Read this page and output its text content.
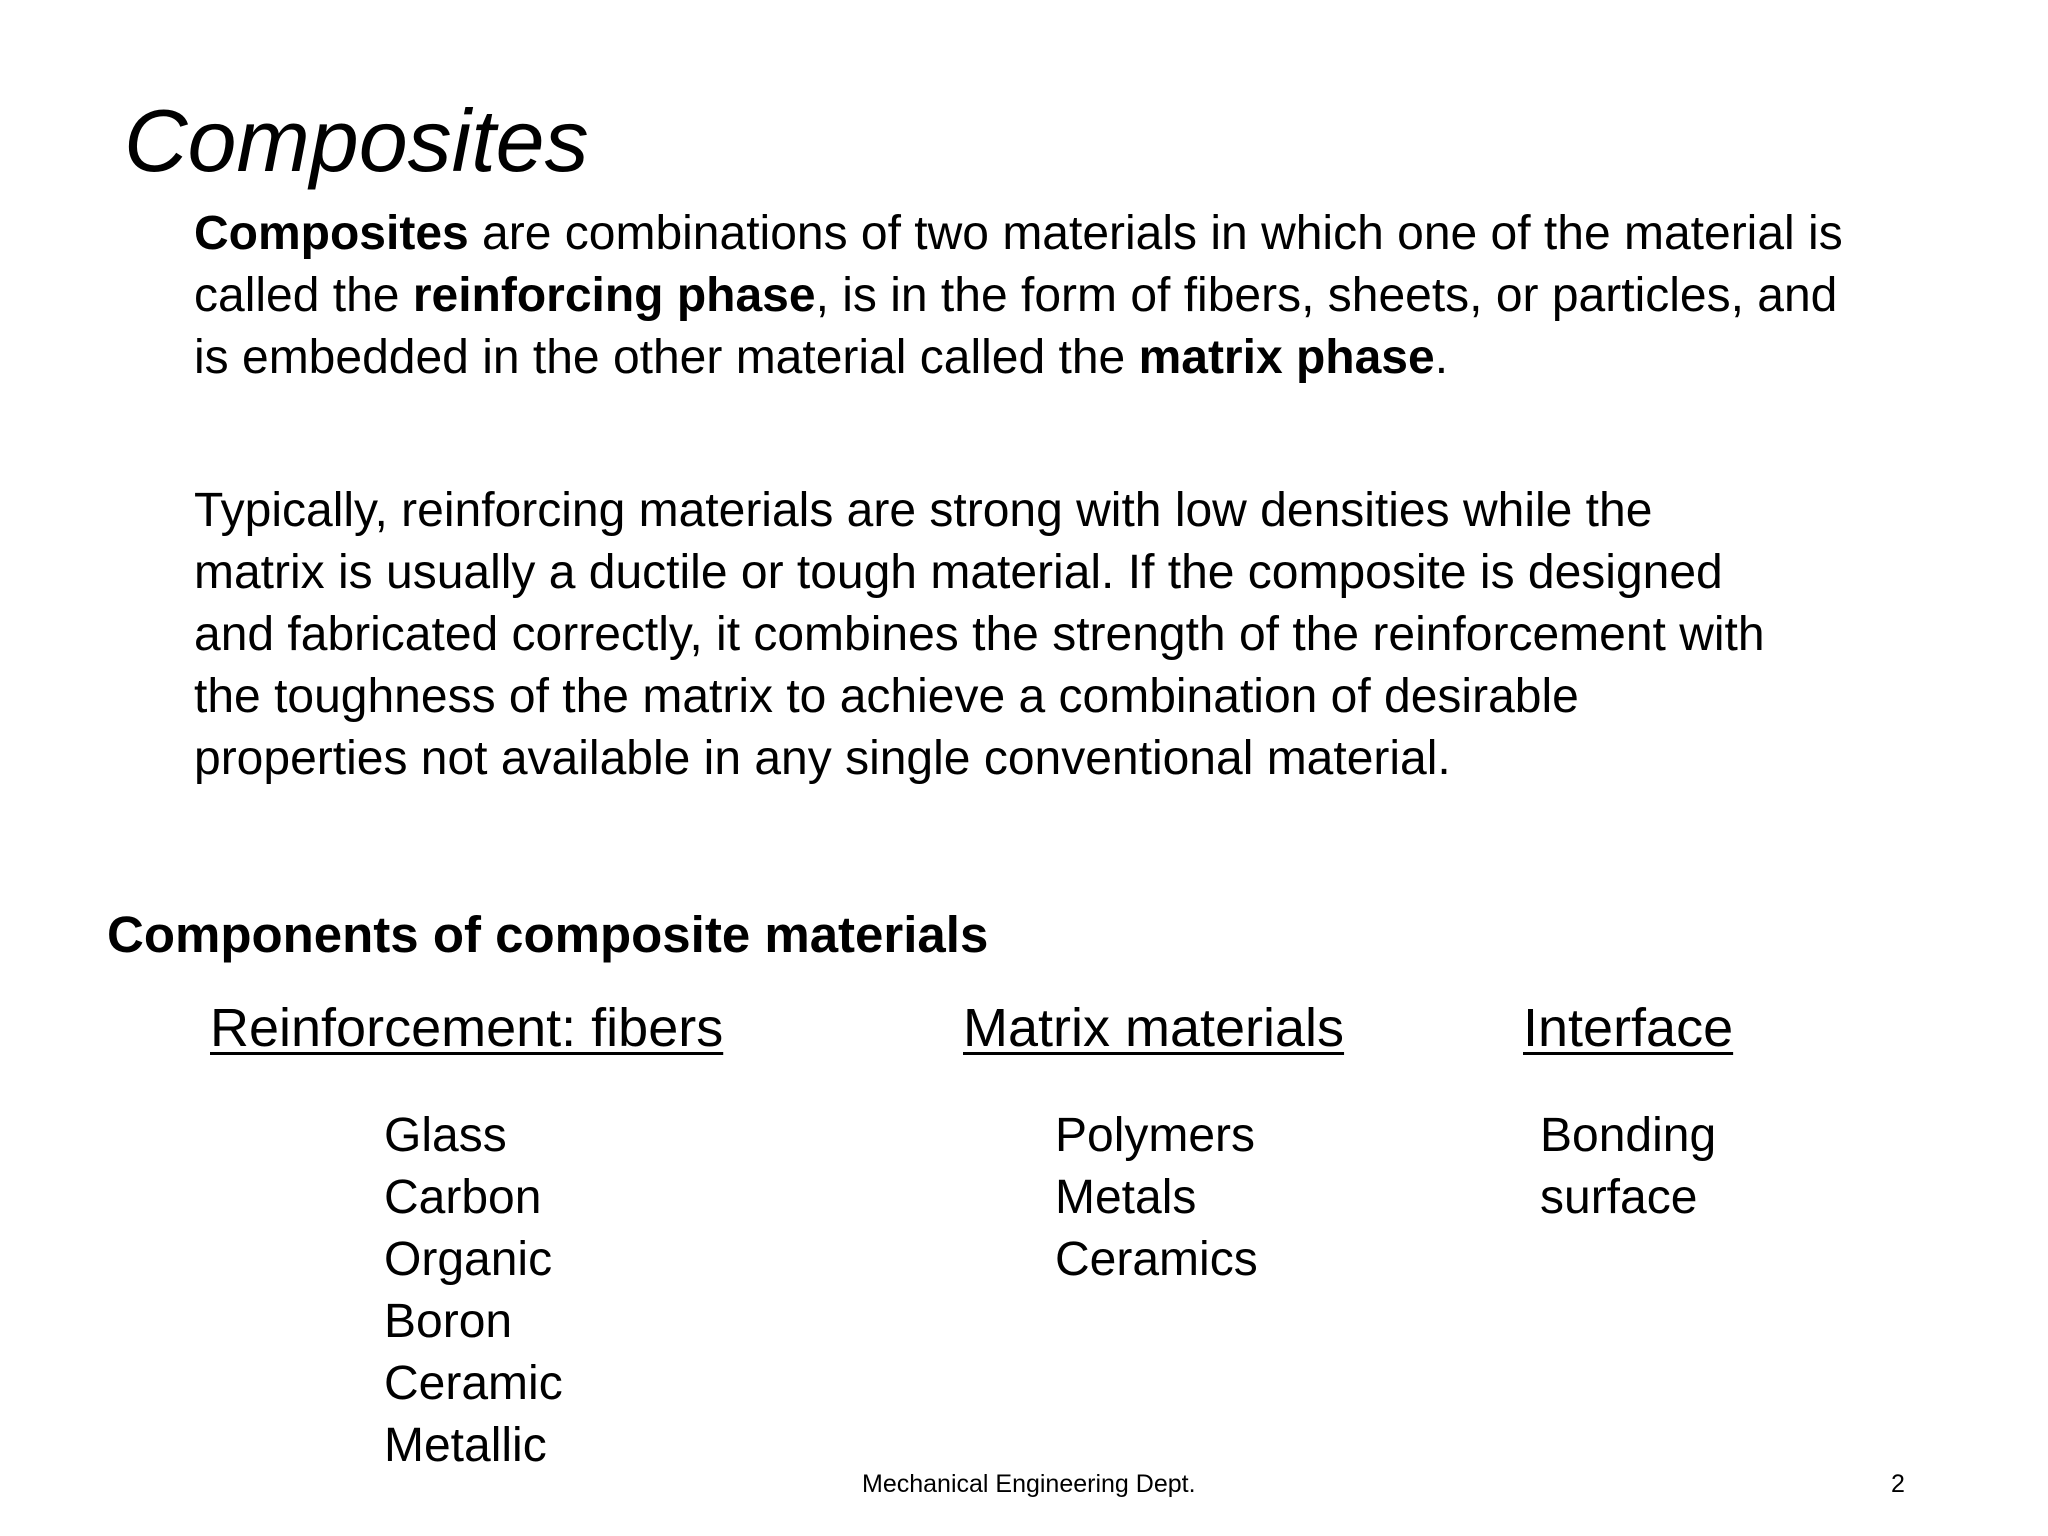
Composites
Composites are combinations of two materials in which one of the material is
called the reinforcing phase, is in the form of fibers, sheets, or particles, and
is embedded in the other material called the matrix phase.
Typically, reinforcing materials are strong with low densities while the
matrix is usually a ductile or tough material. If the composite is designed
and fabricated correctly, it combines the strength of the reinforcement with
the toughness of the matrix to achieve a combination of desirable
properties not available in any single conventional material.
Components of composite materials
Reinforcement: fibers
Glass
Carbon
Organic
Boron
Ceramic
Metallic
Matrix materials
Polymers
Metals
Ceramics
Interface
Bonding
surface
Mechanical Engineering Dept.	2
